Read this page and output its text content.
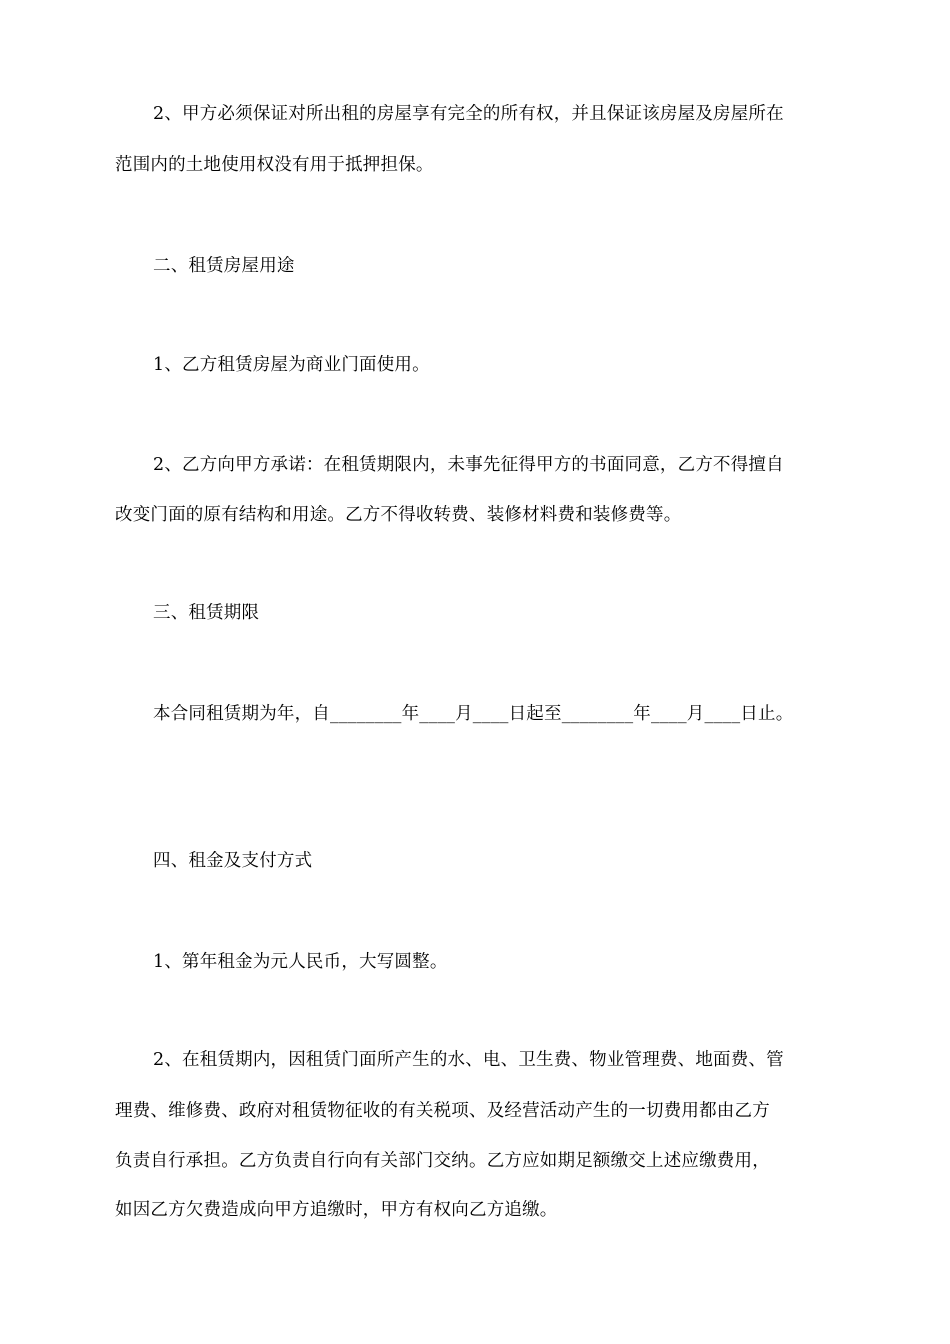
2、甲方必须保证对所出租的房屋享有完全的所有权，并且保证该房屋及房屋所在
范围内的土地使用权没有用于抵押担保。
二、租赁房屋用途
1、乙方租赁房屋为商业门面使用。
2、乙方向甲方承诺：在租赁期限内，未事先征得甲方的书面同意，乙方不得擅自
改变门面的原有结构和用途。乙方不得收转费、装修材料费和装修费等。
三、租赁期限
本合同租赁期为年，自________年____月____日起至________年____月____日止。
四、租金及支付方式
1、第年租金为元人民币，大写圆整。
2、在租赁期内，因租赁门面所产生的水、电、卫生费、物业管理费、地面费、管
理费、维修费、政府对租赁物征收的有关税项、及经营活动产生的一切费用都由乙方
负责自行承担。乙方负责自行向有关部门交纳。乙方应如期足额缴交上述应缴费用，
如因乙方欠费造成向甲方追缴时，甲方有权向乙方追缴。
